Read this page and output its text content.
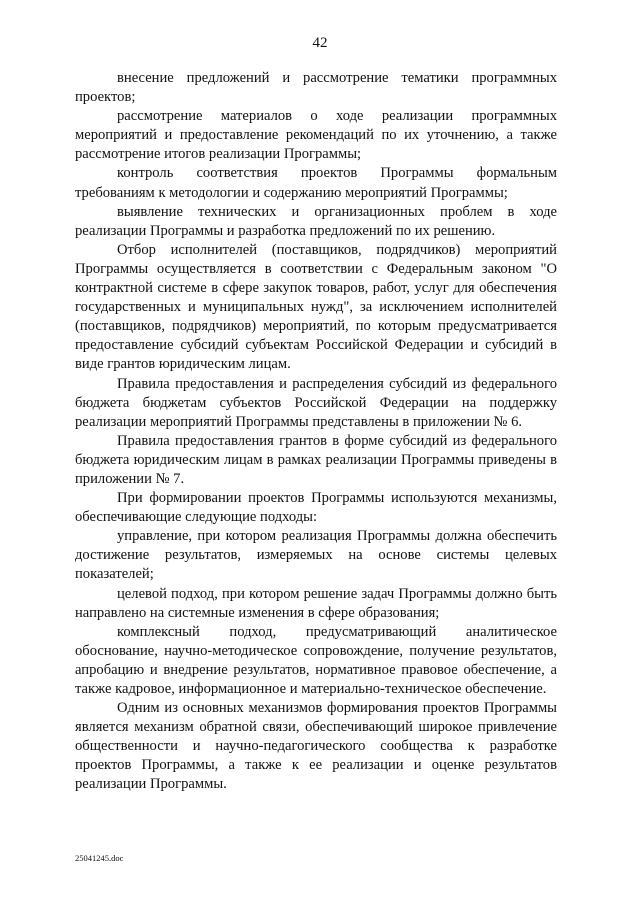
42

внесение предложений и рассмотрение тематики программных проектов;

рассмотрение материалов о ходе реализации программных мероприятий и предоставление рекомендаций по их уточнению, а также рассмотрение итогов реализации Программы;

контроль соответствия проектов Программы формальным требованиям к методологии и содержанию мероприятий Программы;

выявление технических и организационных проблем в ходе реализации Программы и разработка предложений по их решению.

Отбор исполнителей (поставщиков, подрядчиков) мероприятий Программы осуществляется в соответствии с Федеральным законом "О контрактной системе в сфере закупок товаров, работ, услуг для обеспечения государственных и муниципальных нужд", за исключением исполнителей (поставщиков, подрядчиков) мероприятий, по которым предусматривается предоставление субсидий субъектам Российской Федерации и субсидий в виде грантов юридическим лицам.

Правила предоставления и распределения субсидий из федерального бюджета бюджетам субъектов Российской Федерации на поддержку реализации мероприятий Программы представлены в приложении № 6.

Правила предоставления грантов в форме субсидий из федерального бюджета юридическим лицам в рамках реализации Программы приведены в приложении № 7.

При формировании проектов Программы используются механизмы, обеспечивающие следующие подходы:

управление, при котором реализация Программы должна обеспечить достижение результатов, измеряемых на основе системы целевых показателей;

целевой подход, при котором решение задач Программы должно быть направлено на системные изменения в сфере образования;

комплексный подход, предусматривающий аналитическое обоснование, научно-методическое сопровождение, получение результатов, апробацию и внедрение результатов, нормативное правовое обеспечение, а также кадровое, информационное и материально-техническое обеспечение.

Одним из основных механизмов формирования проектов Программы является механизм обратной связи, обеспечивающий широкое привлечение общественности и научно-педагогического сообщества к разработке проектов Программы, а также к ее реализации и оценке результатов реализации Программы.

25041245.doc
